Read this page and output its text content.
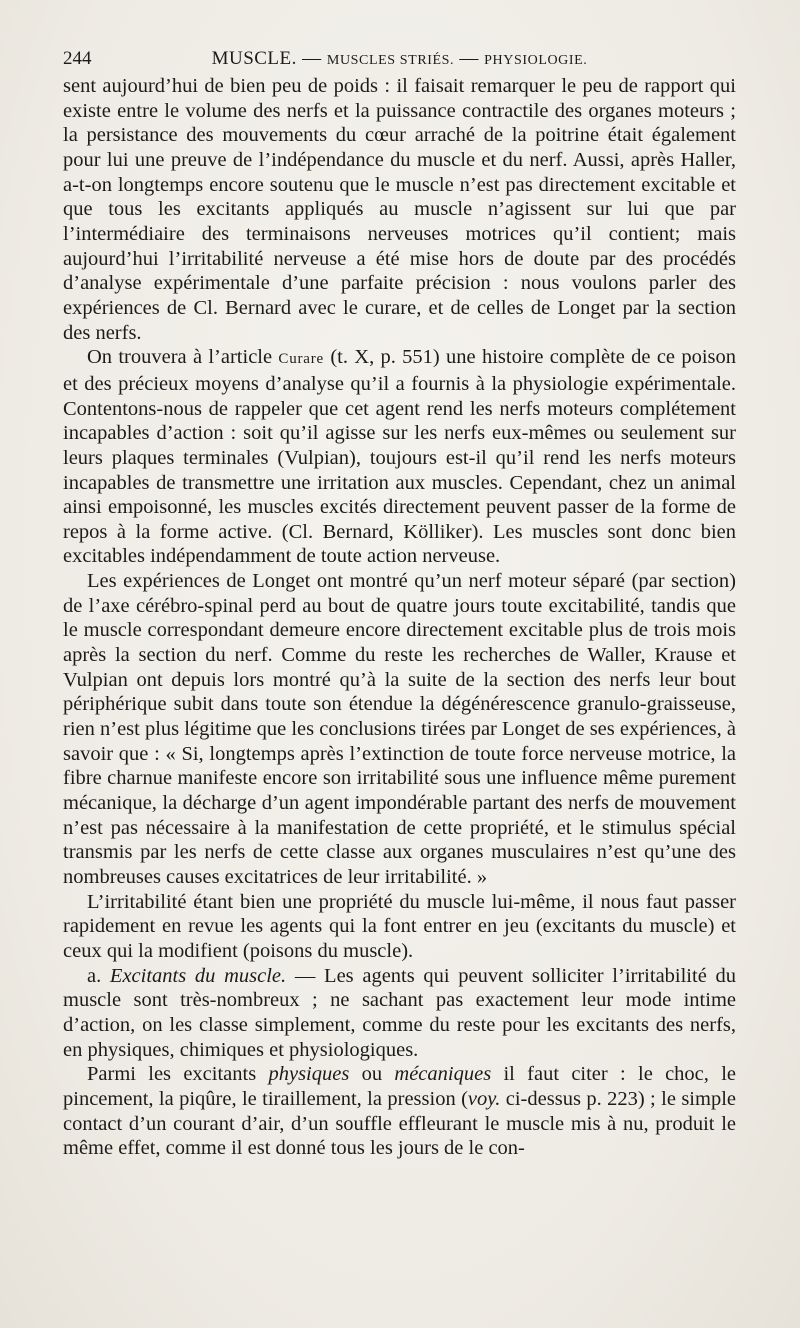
244	MUSCLE. — MUSCLES STRIÉS. — PHYSIOLOGIE.

sent aujourd’hui de bien peu de poids : il faisait remarquer le peu de rapport qui existe entre le volume des nerfs et la puissance contractile des organes moteurs ; la persistance des mouvements du cœur arraché de la poitrine était également pour lui une preuve de l’indépendance du muscle et du nerf. Aussi, après Haller, a-t-on longtemps encore soutenu que le muscle n’est pas directement excitable et que tous les excitants appliqués au muscle n’agissent sur lui que par l’intermédiaire des terminaisons nerveuses motrices qu’il contient; mais aujourd’hui l’irritabilité nerveuse a été mise hors de doute par des procédés d’analyse expérimentale d’une parfaite précision : nous voulons parler des expériences de Cl. Bernard avec le curare, et de celles de Longet par la section des nerfs.

On trouvera à l’article Curare (t. X, p. 551) une histoire complète de ce poison et des précieux moyens d’analyse qu’il a fournis à la physiologie expérimentale. Contentons-nous de rappeler que cet agent rend les nerfs moteurs complétement incapables d’action : soit qu’il agisse sur les nerfs eux-mêmes ou seulement sur leurs plaques terminales (Vulpian), toujours est-il qu’il rend les nerfs moteurs incapables de transmettre une irritation aux muscles. Cependant, chez un animal ainsi empoisonné, les muscles excités directement peuvent passer de la forme de repos à la forme active. (Cl. Bernard, Kölliker). Les muscles sont donc bien excitables indépendamment de toute action nerveuse.

Les expériences de Longet ont montré qu’un nerf moteur séparé (par section) de l’axe cérébro-spinal perd au bout de quatre jours toute excitabilité, tandis que le muscle correspondant demeure encore directement excitable plus de trois mois après la section du nerf. Comme du reste les recherches de Waller, Krause et Vulpian ont depuis lors montré qu’à la suite de la section des nerfs leur bout périphérique subit dans toute son étendue la dégénérescence granulo-graisseuse, rien n’est plus légitime que les conclusions tirées par Longet de ses expériences, à savoir que : « Si, longtemps après l’extinction de toute force nerveuse motrice, la fibre charnue manifeste encore son irritabilité sous une influence même purement mécanique, la décharge d’un agent impondérable partant des nerfs de mouvement n’est pas nécessaire à la manifestation de cette propriété, et le stimulus spécial transmis par les nerfs de cette classe aux organes musculaires n’est qu’une des nombreuses causes excitatrices de leur irritabilité. »

L’irritabilité étant bien une propriété du muscle lui-même, il nous faut passer rapidement en revue les agents qui la font entrer en jeu (excitants du muscle) et ceux qui la modifient (poisons du muscle).

a. Excitants du muscle. — Les agents qui peuvent solliciter l’irritabilité du muscle sont très-nombreux ; ne sachant pas exactement leur mode intime d’action, on les classe simplement, comme du reste pour les excitants des nerfs, en physiques, chimiques et physiologiques.

Parmi les excitants physiques ou mécaniques il faut citer : le choc, le pincement, la piqûre, le tiraillement, la pression (voy. ci-dessus p. 223) ; le simple contact d’un courant d’air, d’un souffle effleurant le muscle mis à nu, produit le même effet, comme il est donné tous les jours de le con-
